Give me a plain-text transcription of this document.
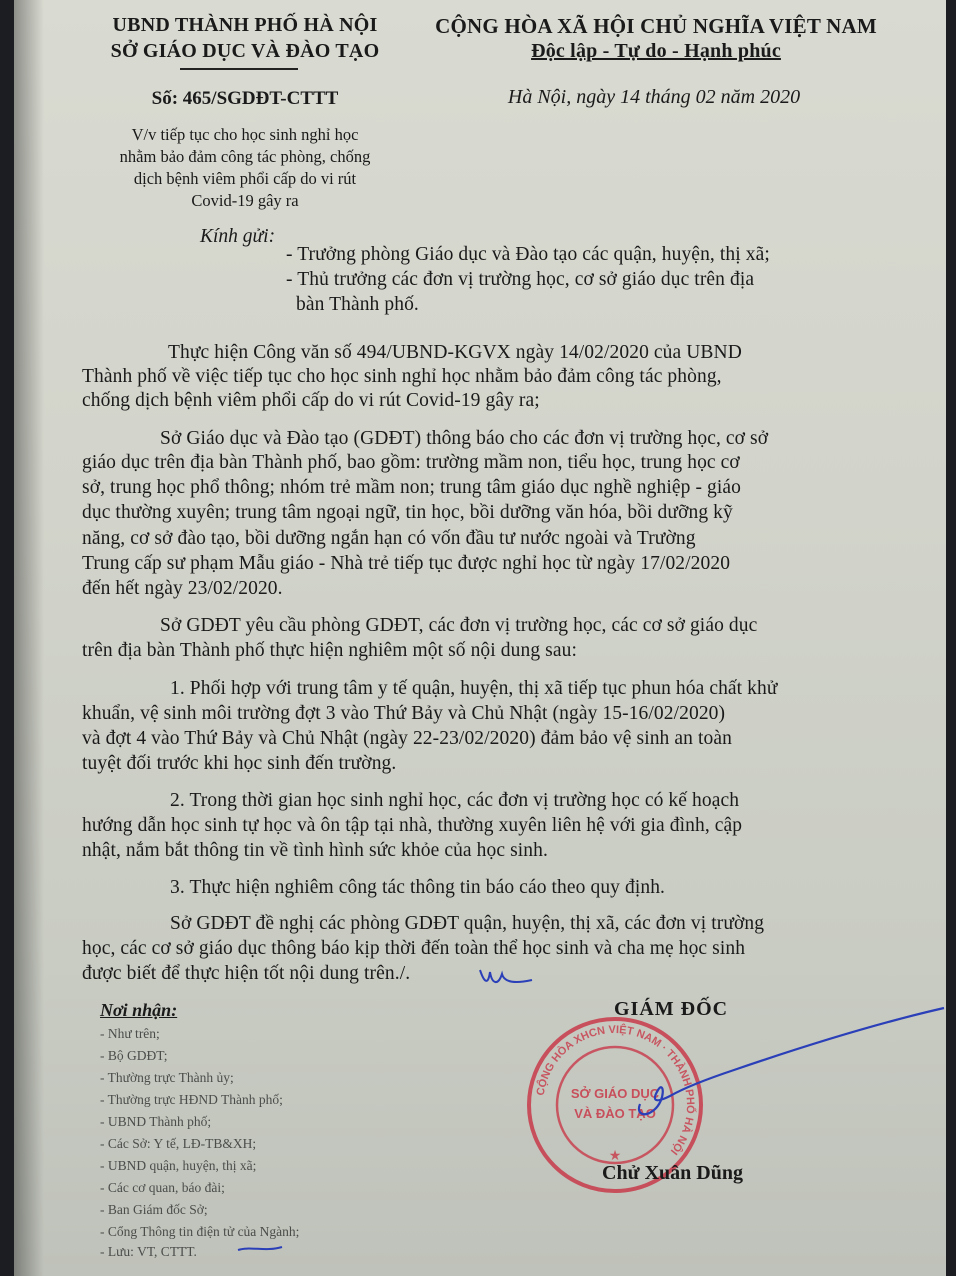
UBND THÀNH PHỐ HÀ NỘI
SỞ GIÁO DỤC VÀ ĐÀO TẠO
CỘNG HÒA XÃ HỘI CHỦ NGHĨA VIỆT NAM
Độc lập - Tự do - Hạnh phúc
Số: 465/SGDĐT-CTTT	Hà Nội, ngày 14 tháng 02 năm 2020
V/v tiếp tục cho học sinh nghỉ học
nhằm bảo đảm công tác phòng, chống
dịch bệnh viêm phổi cấp do vi rút
Covid-19 gây ra
Kính gửi:
- Trưởng phòng Giáo dục và Đào tạo các quận, huyện, thị xã;
- Thủ trưởng các đơn vị trường học, cơ sở giáo dục trên địa
bàn Thành phố.
Thực hiện Công văn số 494/UBND-KGVX ngày 14/02/2020 của UBND
Thành phố về việc tiếp tục cho học sinh nghỉ học nhằm bảo đảm công tác phòng,
chống dịch bệnh viêm phổi cấp do vi rút Covid-19 gây ra;
Sở Giáo dục và Đào tạo (GDĐT) thông báo cho các đơn vị trường học, cơ sở
giáo dục trên địa bàn Thành phố, bao gồm: trường mầm non, tiểu học, trung học cơ
sở, trung học phổ thông; nhóm trẻ mầm non; trung tâm giáo dục nghề nghiệp - giáo
dục thường xuyên; trung tâm ngoại ngữ, tin học, bồi dưỡng văn hóa, bồi dưỡng kỹ
năng, cơ sở đào tạo, bồi dưỡng ngắn hạn có vốn đầu tư nước ngoài và Trường
Trung cấp sư phạm Mẫu giáo - Nhà trẻ tiếp tục được nghỉ học từ ngày 17/02/2020
đến hết ngày 23/02/2020.
Sở GDĐT yêu cầu phòng GDĐT, các đơn vị trường học, các cơ sở giáo dục
trên địa bàn Thành phố thực hiện nghiêm một số nội dung sau:
1. Phối hợp với trung tâm y tế quận, huyện, thị xã tiếp tục phun hóa chất khử
khuẩn, vệ sinh môi trường đợt 3 vào Thứ Bảy và Chủ Nhật (ngày 15-16/02/2020)
và đợt 4 vào Thứ Bảy và Chủ Nhật (ngày 22-23/02/2020) đảm bảo vệ sinh an toàn
tuyệt đối trước khi học sinh đến trường.
2. Trong thời gian học sinh nghỉ học, các đơn vị trường học có kế hoạch
hướng dẫn học sinh tự học và ôn tập tại nhà, thường xuyên liên hệ với gia đình, cập
nhật, nắm bắt thông tin về tình hình sức khỏe của học sinh.
3. Thực hiện nghiêm công tác thông tin báo cáo theo quy định.
Sở GDĐT đề nghị các phòng GDĐT quận, huyện, thị xã, các đơn vị trường
học, các cơ sở giáo dục thông báo kịp thời đến toàn thể học sinh và cha mẹ học sinh
được biết để thực hiện tốt nội dung trên./.
Nơi nhận:
- Như trên;
- Bộ GDĐT;
- Thường trực Thành ủy;
- Thường trực HĐND Thành phố;
- UBND Thành phố;
- Các Sở: Y tế, LĐ-TB&XH;
- UBND quận, huyện, thị xã;
- Các cơ quan, báo đài;
- Ban Giám đốc Sở;
- Cổng Thông tin điện tử của Ngành;
- Lưu: VT, CTTT.
GIÁM ĐỐC
CỘNG HÒA XHCN VIỆT NAM · THÀNH PHỐ HÀ NỘI
SỞ GIÁO DỤC
VÀ ĐÀO TẠO
★
Chử Xuân Dũng
